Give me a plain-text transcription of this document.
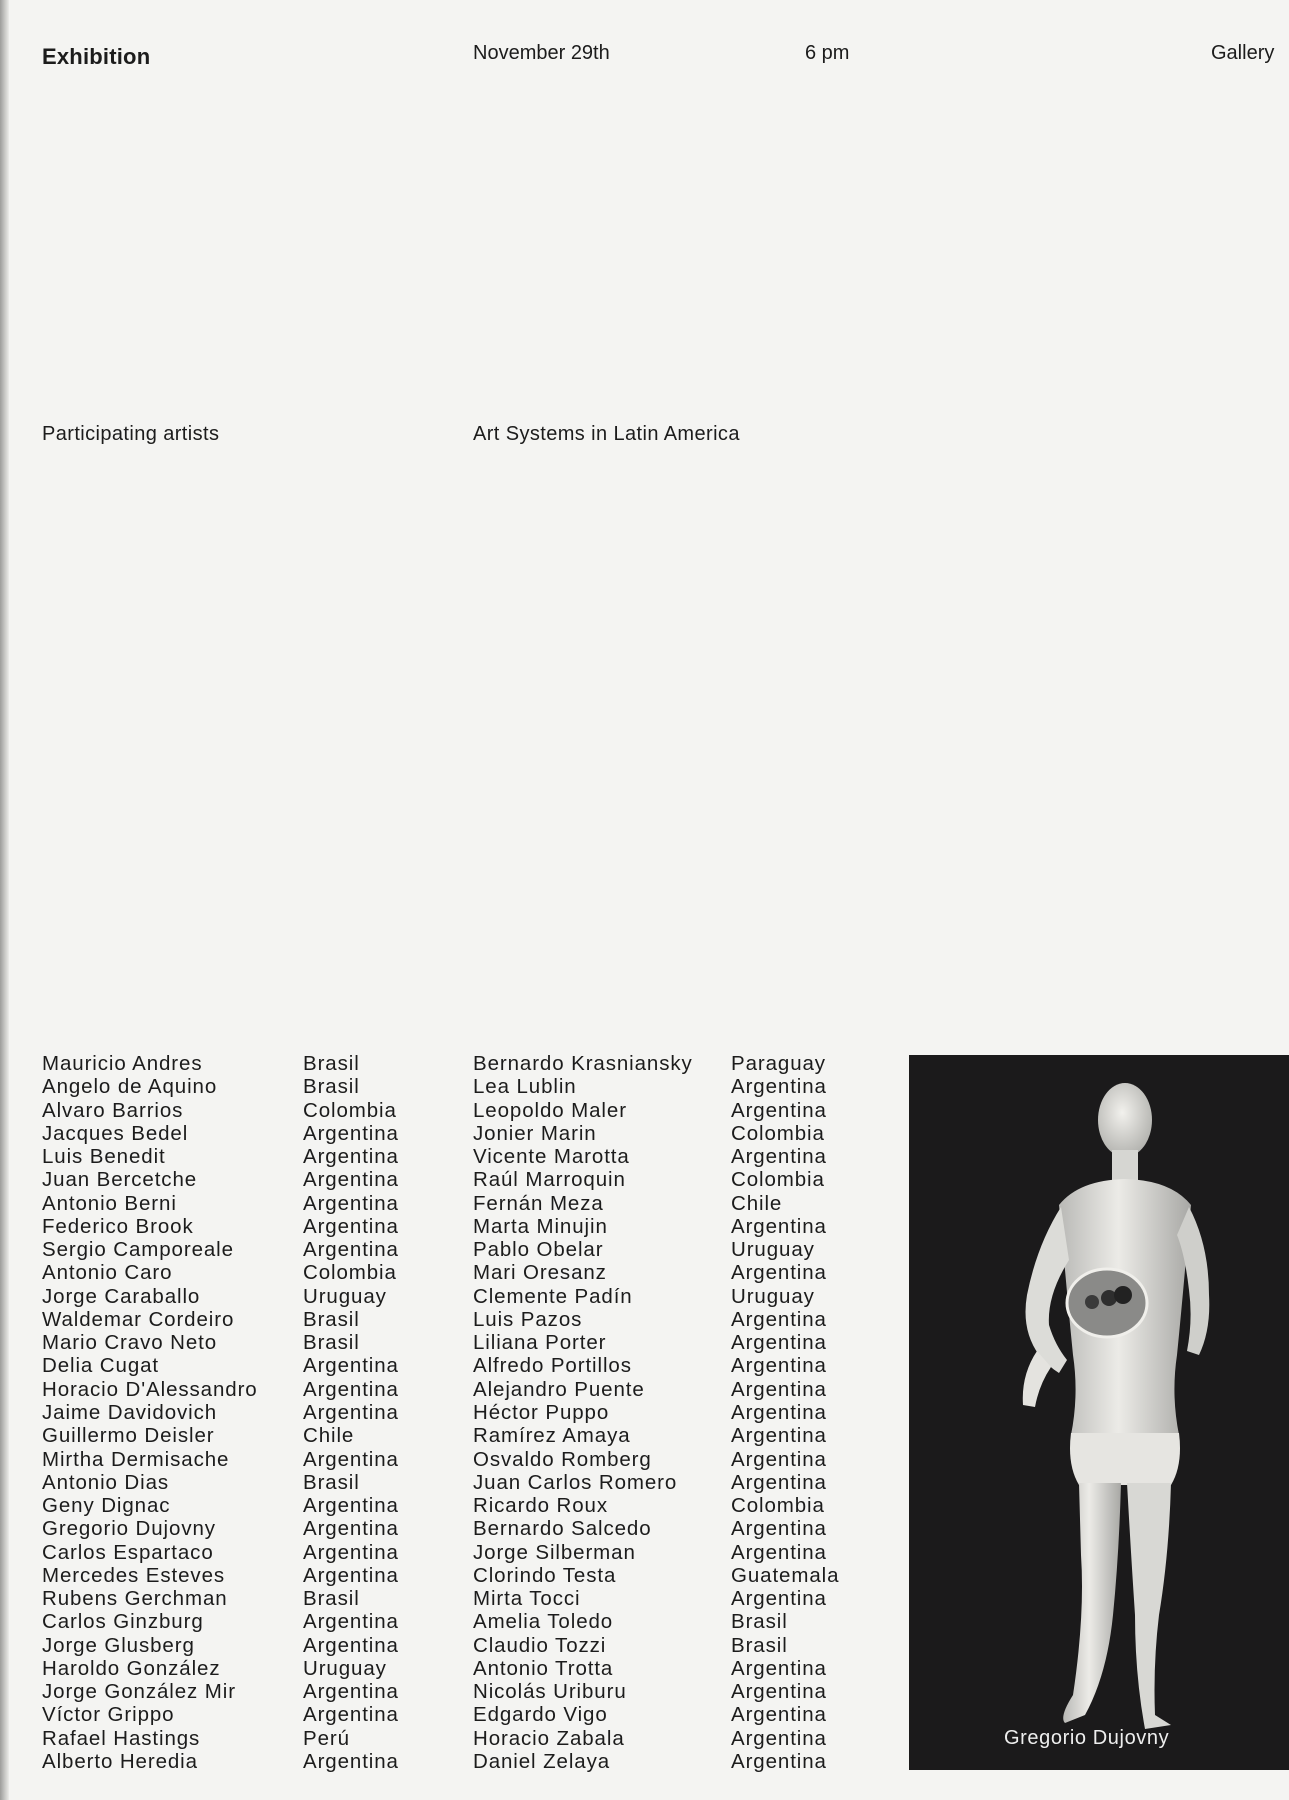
Exhibition	November 29th	6 pm	Gallery
Participating artists	Art Systems in Latin America
Mauricio Andres	Brasil
Angelo de Aquino	Brasil
Alvaro Barrios	Colombia
Jacques Bedel	Argentina
Luis Benedit	Argentina
Juan Bercetche	Argentina
Antonio Berni	Argentina
Federico Brook	Argentina
Sergio Camporeale	Argentina
Antonio Caro	Colombia
Jorge Caraballo	Uruguay
Waldemar Cordeiro	Brasil
Mario Cravo Neto	Brasil
Delia Cugat	Argentina
Horacio D'Alessandro Argentina
Jaime Davidovich	Argentina
Guillermo Deisler	Chile
Mirtha Dermisache	Argentina
Antonio Dias	Brasil
Geny Dignac	Argentina
Gregorio Dujovny	Argentina
Carlos Espartaco	Argentina
Mercedes Esteves	Argentina
Rubens Gerchman	Brasil
Carlos Ginzburg	Argentina
Jorge Glusberg	Argentina
Haroldo González	Uruguay
Jorge González Mir	Argentina
Víctor Grippo	Argentina
Rafael Hastings	Perú
Alberto Heredia	Argentina
Bernardo Krasniansky Paraguay
Lea Lublin	Argentina
Leopoldo Maler	Argentina
Jonier Marin	Colombia
Vicente Marotta	Argentina
Raúl Marroquin	Colombia
Fernán Meza	Chile
Marta Minujin	Argentina
Pablo Obelar	Uruguay
Mari Oresanz	Argentina
Clemente Padín	Uruguay
Luis Pazos	Argentina
Liliana Porter	Argentina
Alfredo Portillos	Argentina
Alejandro Puente	Argentina
Héctor Puppo	Argentina
Ramírez Amaya	Argentina
Osvaldo Romberg	Argentina
Juan Carlos Romero	Argentina
Ricardo Roux	Colombia
Bernardo Salcedo	Argentina
Jorge Silberman	Argentina
Clorindo Testa	Guatemala
Mirta Tocci	Argentina
Amelia Toledo	Brasil
Claudio Tozzi	Brasil
Antonio Trotta	Argentina
Nicolás Uriburu	Argentina
Edgardo Vigo	Argentina
Horacio Zabala	Argentina
Daniel Zelaya	Argentina
Gregorio Dujovny
